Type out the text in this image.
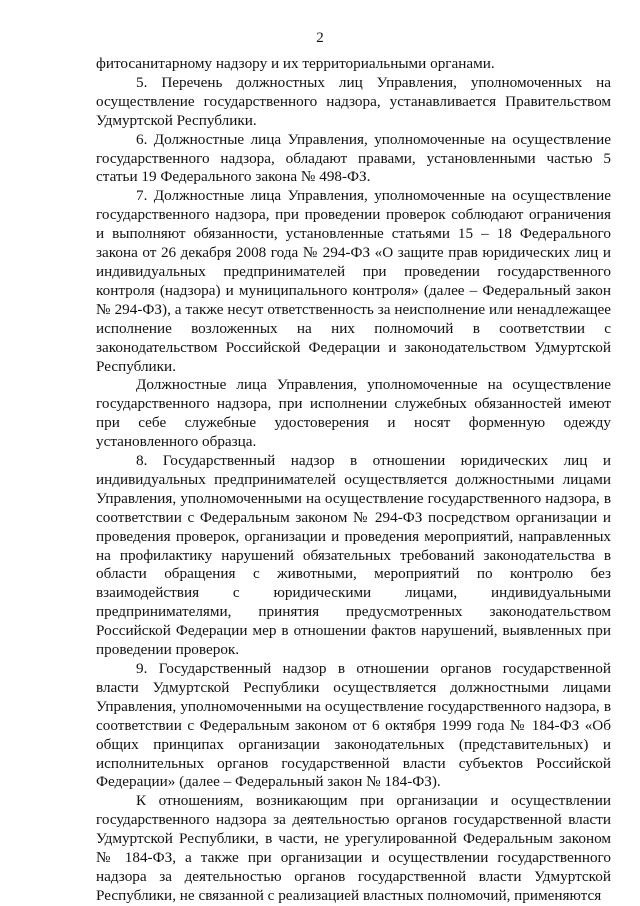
2

фитосанитарному надзору и их территориальными органами.

5. Перечень должностных лиц Управления, уполномоченных на осуществление государственного надзора, устанавливается Правительством Удмуртской Республики.

6. Должностные лица Управления, уполномоченные на осуществление государственного надзора, обладают правами, установленными частью 5 статьи 19 Федерального закона № 498-ФЗ.

7. Должностные лица Управления, уполномоченные на осуществление государственного надзора, при проведении проверок соблюдают ограничения и выполняют обязанности, установленные статьями 15 – 18 Федерального закона от 26 декабря 2008 года № 294-ФЗ «О защите прав юридических лиц и индивидуальных предпринимателей при проведении государственного контроля (надзора) и муниципального контроля» (далее – Федеральный закон № 294-ФЗ), а также несут ответственность за неисполнение или ненадлежащее исполнение возложенных на них полномочий в соответствии с законодательством Российской Федерации и законодательством Удмуртской Республики.

Должностные лица Управления, уполномоченные на осуществление государственного надзора, при исполнении служебных обязанностей имеют при себе служебные удостоверения и носят форменную одежду установленного образца.

8. Государственный надзор в отношении юридических лиц и индивидуальных предпринимателей осуществляется должностными лицами Управления, уполномоченными на осуществление государственного надзора, в соответствии с Федеральным законом № 294-ФЗ посредством организации и проведения проверок, организации и проведения мероприятий, направленных на профилактику нарушений обязательных требований законодательства в области обращения с животными, мероприятий по контролю без взаимодействия с юридическими лицами, индивидуальными предпринимателями, принятия предусмотренных законодательством Российской Федерации мер в отношении фактов нарушений, выявленных при проведении проверок.

9. Государственный надзор в отношении органов государственной власти Удмуртской Республики осуществляется должностными лицами Управления, уполномоченными на осуществление государственного надзора, в соответствии с Федеральным законом от 6 октября 1999 года № 184-ФЗ «Об общих принципах организации законодательных (представительных) и исполнительных органов государственной власти субъектов Российской Федерации» (далее – Федеральный закон № 184-ФЗ).

К отношениям, возникающим при организации и осуществлении государственного надзора за деятельностью органов государственной власти Удмуртской Республики, в части, не урегулированной Федеральным законом № 184-ФЗ, а также при организации и осуществлении государственного надзора за деятельностью органов государственной власти Удмуртской Республики, не связанной с реализацией властных полномочий, применяются
